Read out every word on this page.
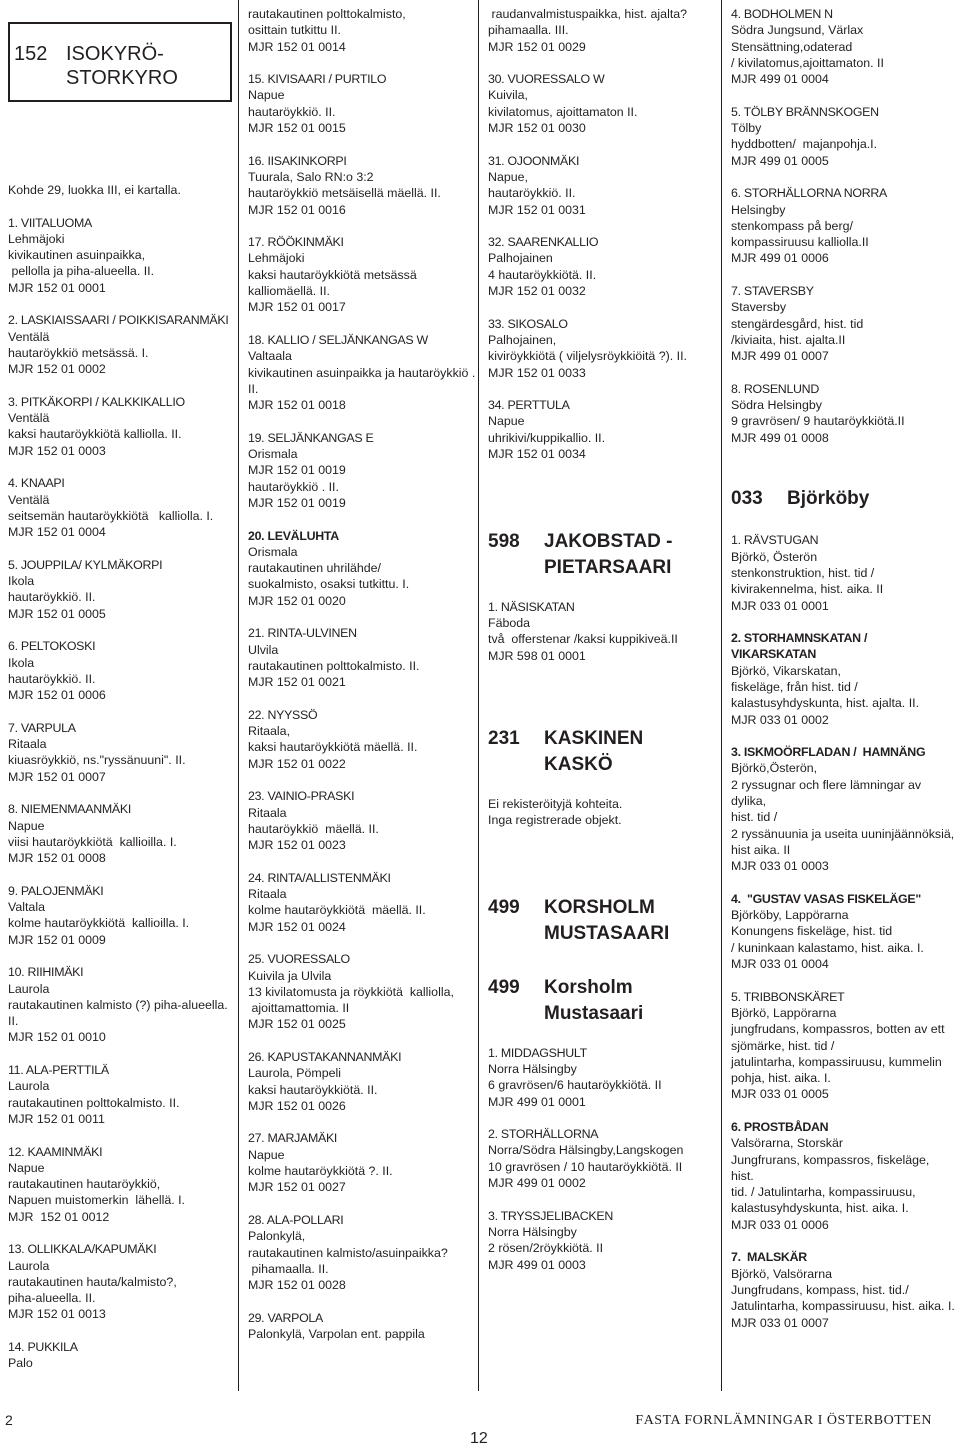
152 ISOKYRÖ-
STORKYRO
Kohde 29, luokka III, ei kartalla.
1. VIITALUOMA
Lehmäjoki
kivikautinen asuinpaikka,
pellolla ja piha-alueella. II.
MJR 152 01 0001
2. LASKIAISSAARI / POIKKISARANMÄKI
Ventälä
hautaröykkiö metsässä. I.
MJR 152 01 0002
3. PITKÄKORPI / KALKKIKALLIO
Ventälä
kaksi hautaröykkiötä kalliolla. II.
MJR 152 01 0003
4. KNAAPI
Ventälä
seitsemän hautaröykkiötä   kalliolla. I.
MJR 152 01 0004
5. JOUPPILA/ KYLMÄKORPI
Ikola
hautaröykkiö. II.
MJR 152 01 0005
6. PELTOKOSKI
Ikola
hautaröykkiö. II.
MJR 152 01 0006
7. VARPULA
Ritaala
kiuasröykkiö, ns."ryssänuuni". II.
MJR 152 01 0007
8. NIEMENMAANMÄKI
Napue
viisi hautaröykkiötä  kallioilla. I.
MJR 152 01 0008
9. PALOJENMÄKI
Valtala
kolme hautaröykkiötä  kallioilla. I.
MJR 152 01 0009
10. RIIHIMÄKI
Laurola
rautakautinen kalmisto (?) piha-alueella.
II.
MJR 152 01 0010
11. ALA-PERTTILÄ
Laurola
rautakautinen polttokalmisto. II.
MJR 152 01 0011
12. KAAMINMÄKI
Napue
rautakautinen hautaröykkiö,
Napuen muistomerkin  lähellä. I.
MJR  152 01 0012
13. OLLIKKALA/KAPUMÄKI
Laurola
rautakautinen hauta/kalmisto?,
piha-alueella. II.
MJR 152 01 0013
14. PUKKILA
Palo
rautakautinen polttokalmisto,
osittain tutkittu II.
MJR 152 01 0014
15. KIVISAARI / PURTILO
Napue
hautaröykkiö. II.
MJR 152 01 0015
16. IISAKINKORPI
Tuurala, Salo RN:o 3:2
hautaröykkiö metsäisellä mäellä. II.
MJR 152 01 0016
17. RÖÖKINMÄKI
Lehmäjoki
kaksi hautaröykkiötä metsässä
kalliomäellä. II.
MJR 152 01 0017
18. KALLIO / SELJÄNKANGAS W
Valtaala
kivikautinen asuinpaikka ja hautaröykkiö .
II.
MJR 152 01 0018
19. SELJÄNKANGAS E
Orismala
MJR 152 01 0019
hautaröykkiö . II.
MJR 152 01 0019
20. LEVÄLUHTA
Orismala
rautakautinen uhrilähde/
suokalmisto, osaksi tutkittu. I.
MJR 152 01 0020
21. RINTA-ULVINEN
Ulvila
rautakautinen polttokalmisto. II.
MJR 152 01 0021
22. NYYSSÖ
Ritaala,
kaksi hautaröykkiötä mäellä. II.
MJR 152 01 0022
23. VAINIO-PRASKI
Ritaala
hautaröykkiö  mäellä. II.
MJR 152 01 0023
24. RINTA/ALLISTENMÄKI
Ritaala
kolme hautaröykkiötä  mäellä. II.
MJR 152 01 0024
25. VUORESSALO
Kuivila ja Ulvila
13 kivilatomusta ja röykkiötä  kalliolla,
ajoittamattomia. II
MJR 152 01 0025
26. KAPUSTAKANNANMÄKI
Laurola, Pömpeli
kaksi hautaröykkiötä. II.
MJR 152 01 0026
27. MARJAMÄKI
Napue
kolme hautaröykkiötä ?. II.
MJR 152 01 0027
28. ALA-POLLARI
Palonkylä,
rautakautinen kalmisto/asuinpaikka?
pihamaalla. II.
MJR 152 01 0028
29. VARPOLA
Palonkylä, Varpolan ent. pappila
raudanvalmistuspaikka, hist. ajalta?
pihamaalla. III.
MJR 152 01 0029
30. VUORESSALO W
Kuivila,
kivilatomus, ajoittamaton II.
MJR 152 01 0030
31. OJOONMÄKI
Napue,
hautaröykkiö. II.
MJR 152 01 0031
32. SAARENKALLIO
Palhojainen
4 hautaröykkiötä. II.
MJR 152 01 0032
33. SIKOSALO
Palhojainen,
kiviröykkiötä ( viljelysröykkiöitä ?). II.
MJR 152 01 0033
34. PERTTULA
Napue
uhrikivi/kuppikallio. II.
MJR 152 01 0034
598	JAKOBSTAD -
PIETARSAARI
1. NÄSISKATAN
Fäboda
två  offerstenar /kaksi kuppikiveä.II
MJR 598 01 0001
231	KASKINEN
KASKÖ
Ei rekisteröityjä kohteita.
Inga registrerade objekt.
499	KORSHOLM
MUSTASAARI
499	Korsholm
Mustasaari
1. MIDDAGSHULT
Norra Hälsingby
6 gravrösen/6 hautaröykkiötä. II
MJR 499 01 0001
2. STORHÄLLORNA
Norra/Södra Hälsingby,Langskogen
10 gravrösen / 10 hautaröykkiötä. II
MJR 499 01 0002
3. TRYSSJELIBACKEN
Norra Hälsingby
2 rösen/2röykkiötä. II
MJR 499 01 0003
4. BODHOLMEN N
Södra Jungsund, Värlax
Stensättning,odaterad
/ kivilatomus,ajoittamaton. II
MJR 499 01 0004
5. TÖLBY BRÄNNSKOGEN
Tölby
hyddbotten/  majanpohja.I.
MJR 499 01 0005
6. STORHÄLLORNA NORRA
Helsingby
stenkompass på berg/
kompassiruusu kalliolla.II
MJR 499 01 0006
7. STAVERSBY
Staversby
stengärdesgård, hist. tid
/kiviaita, hist. ajalta.II
MJR 499 01 0007
8. ROSENLUND
Södra Helsingby
9 gravrösen/ 9 hautaröykkiötä.II
MJR 499 01 0008
033	Björköby
1. RÄVSTUGAN
Björkö, Österön
stenkonstruktion, hist. tid /
kivirakennelma, hist. aika. II
MJR 033 01 0001
2. STORHAMNSKATAN / VIKARSKATAN
Björkö, Vikarskatan,
fiskeläge, från hist. tid /
kalastusyhdyskunta, hist. ajalta. II.
MJR 033 01 0002
3. ISKMOÖRFLADAN /  HAMNÄNG
Björkö,Österön,
2 ryssugnar och flere lämningar av dylika,
hist. tid /
2 ryssänuunia ja useita uuninjäännöksiä,
hist aika. II
MJR 033 01 0003
4.  "GUSTAV VASAS FISKELÄGE"
Björköby, Lappörarna
Konungens fiskeläge, hist. tid
/ kuninkaan kalastamo, hist. aika. I.
MJR 033 01 0004
5. TRIBBONSKÄRET
Björkö, Lappörarna
jungfrudans, kompassros, botten av ett
sjömärke, hist. tid /
jatulintarha, kompassiruusu, kummelin
pohja, hist. aika. I.
MJR 033 01 0005
6. PROSTBÅDAN
Valsörarna, Storskär
Jungfrurans, kompassros, fiskeläge, hist.
tid. / Jatulintarha, kompassiruusu,
kalastusyhdyskunta, hist. aika. I.
MJR 033 01 0006
7.  MALSKÄR
Björkö, Valsörarna
Jungfrudans, kompass, hist. tid./
Jatulintarha, kompassiruusu, hist. aika. I.
MJR 033 01 0007
2
12
FASTA FORNLÄMNINGAR I ÖSTERBOTTEN
